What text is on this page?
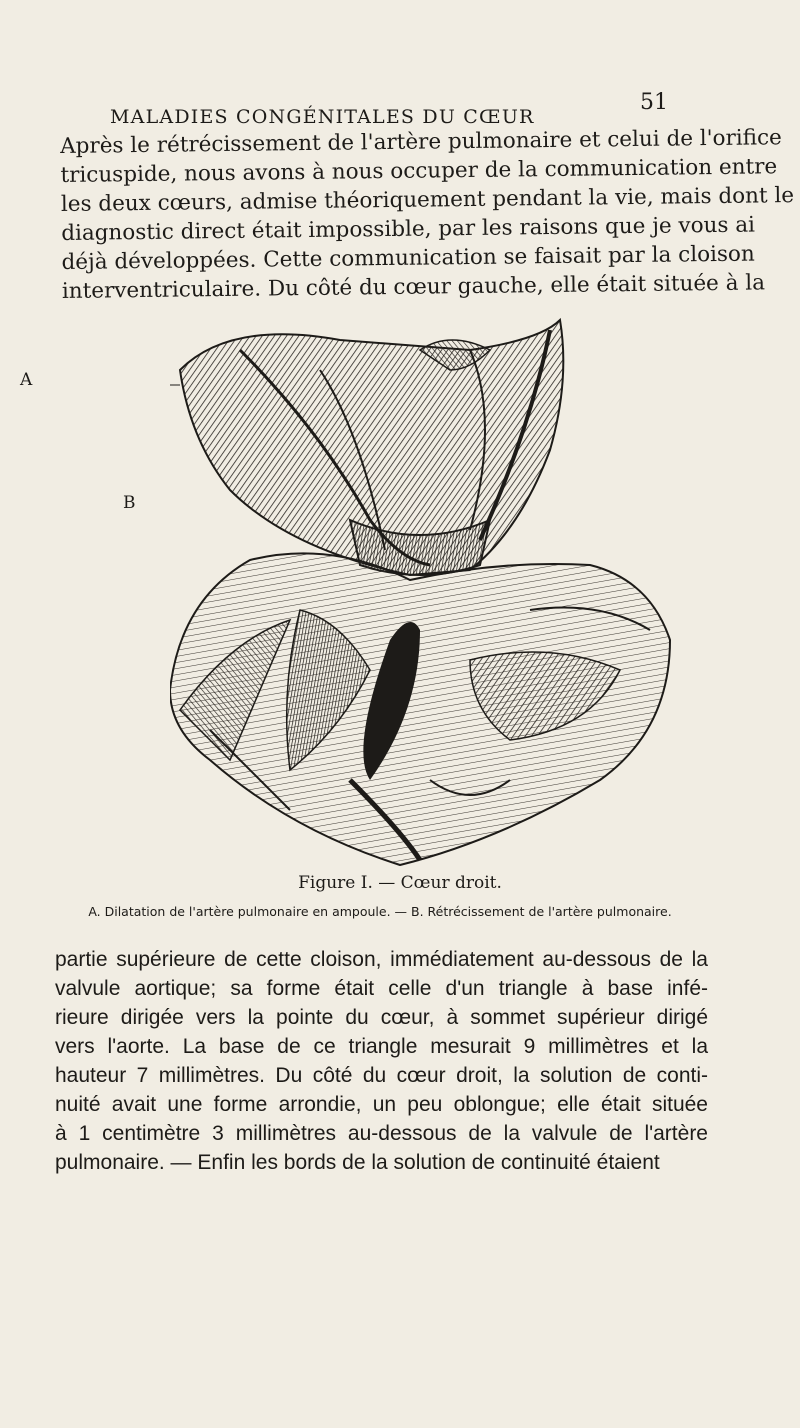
MALADIES CONGÉNITALES DU CŒUR
51
Après le rétrécissement de l'artère pulmonaire et celui de l'orifice
tricuspide, nous avons à nous occuper de la communication entre
les deux cœurs, admise théoriquement pendant la vie, mais dont le
diagnostic direct était impossible, par les raisons que je vous ai
déjà développées. Cette communication se faisait par la cloison
interventriculaire. Du côté du cœur gauche, elle était située à la
A
B
Figure I. — Cœur droit.
A. Dilatation de l'artère pulmonaire en ampoule. — B. Rétrécissement de l'artère pulmonaire.
partie supérieure de cette cloison, immédiatement au-dessous de la
valvule aortique; sa forme était celle d'un triangle à base infé-
rieure dirigée vers la pointe du cœur, à sommet supérieur dirigé
vers l'aorte. La base de ce triangle mesurait 9 millimètres et la
hauteur 7 millimètres. Du côté du cœur droit, la solution de conti-
nuité avait une forme arrondie, un peu oblongue; elle était située
à 1 centimètre 3 millimètres au-dessous de la valvule de l'artère
pulmonaire. — Enfin les bords de la solution de continuité étaient
